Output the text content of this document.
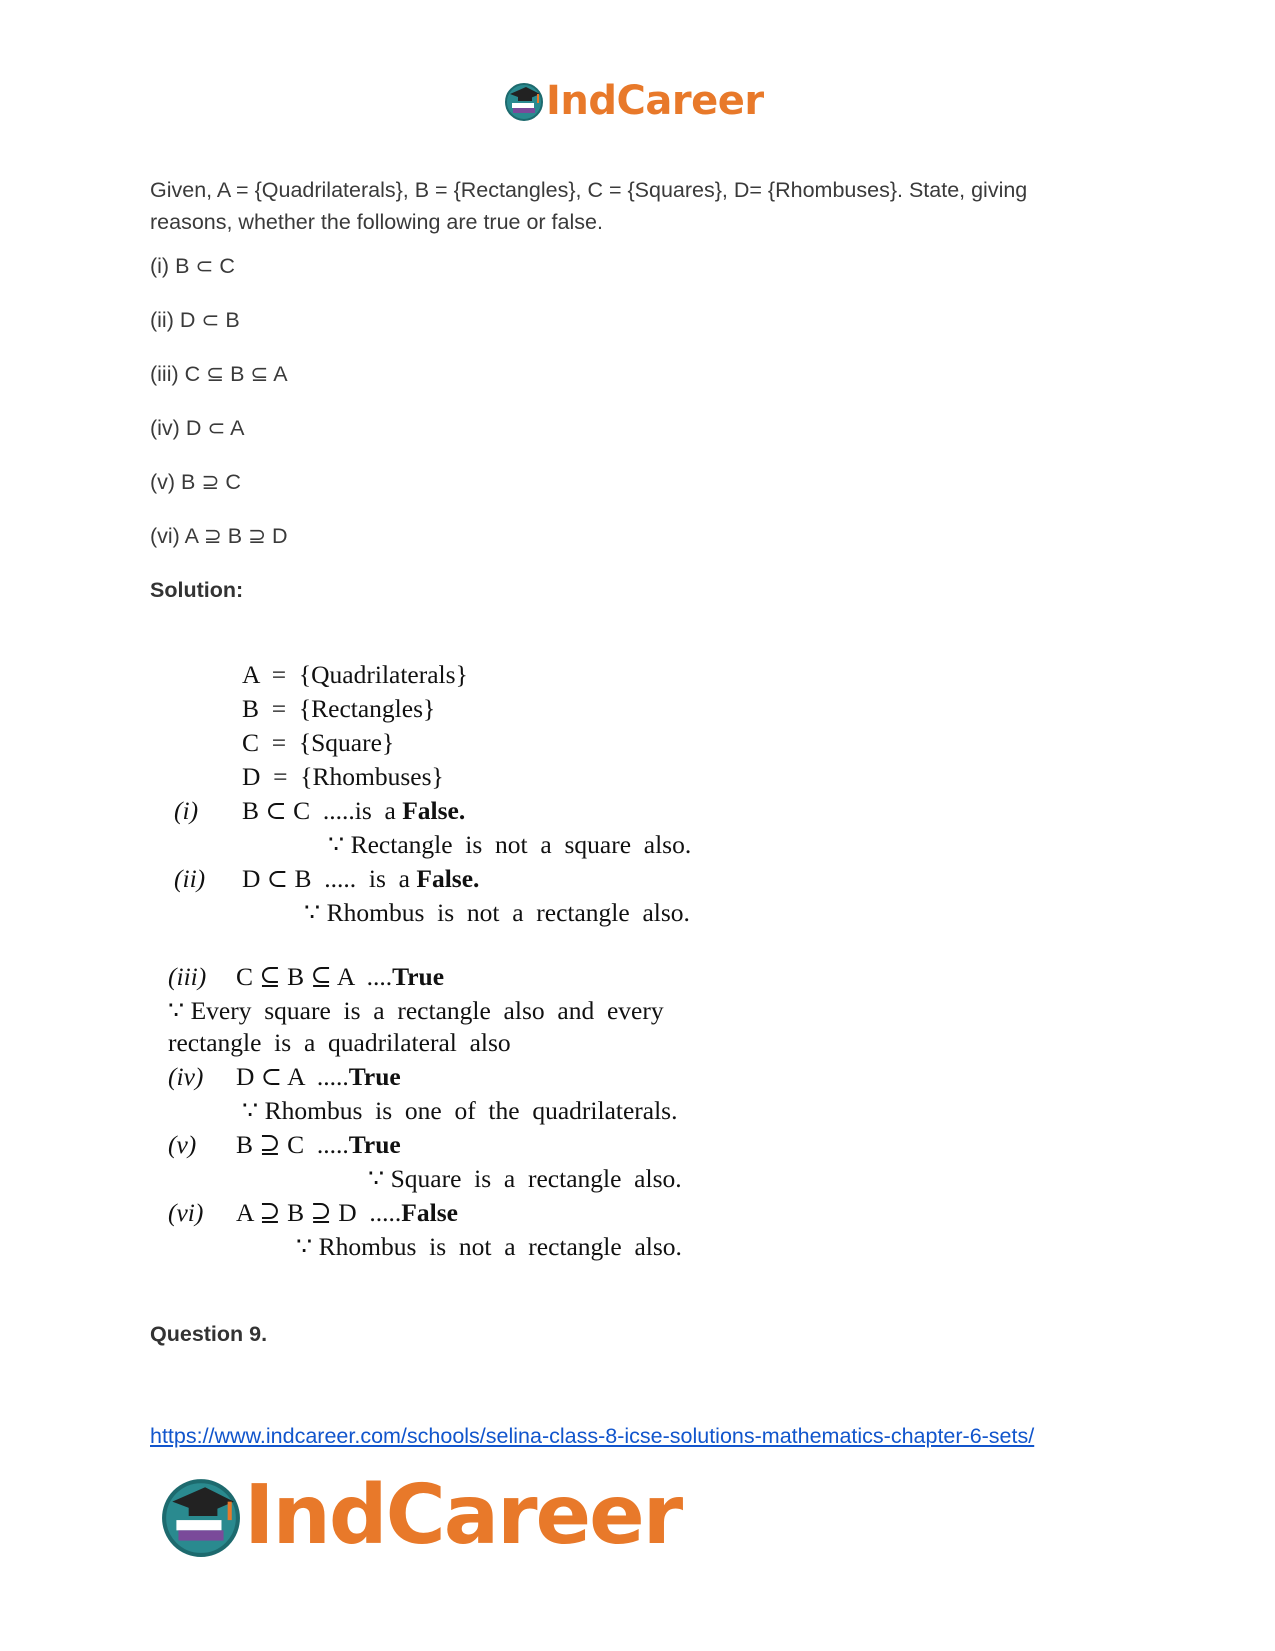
IndCareer

Given, A = {Quadrilaterals}, B = {Rectangles}, C = {Squares}, D= {Rhombuses}. State, giving reasons, whether the following are true or false.

(i) B ⊂ C

(ii) D ⊂ B

(iii) C ⊆ B ⊆ A

(iv) D ⊂ A

(v) B ⊇ C

(vi) A ⊇ B ⊇ D

Solution:

A  =  {Quadrilaterals}
B  =  {Rectangles}
C  =  {Square}
D  =  {Rhombuses}
(i) B ⊂ C  .....is  a False.
∵ Rectangle  is  not  a  square  also.
(ii) D ⊂ B  .....  is  a False.
∵ Rhombus  is  not  a  rectangle  also.
(iii) C ⊆ B ⊆ A  ....True
∵ Every  square  is  a  rectangle  also  and  every
rectangle  is  a  quadrilateral  also
(iv) D ⊂ A  .....True
∵ Rhombus  is  one  of  the  quadrilaterals.
(v) B ⊇ C  .....True
∵ Square  is  a  rectangle  also.
(vi) A ⊇ B ⊇ D  .....False
∵ Rhombus  is  not  a  rectangle  also.

Question 9.

https://www.indcareer.com/schools/selina-class-8-icse-solutions-mathematics-chapter-6-sets/
IndCareer
